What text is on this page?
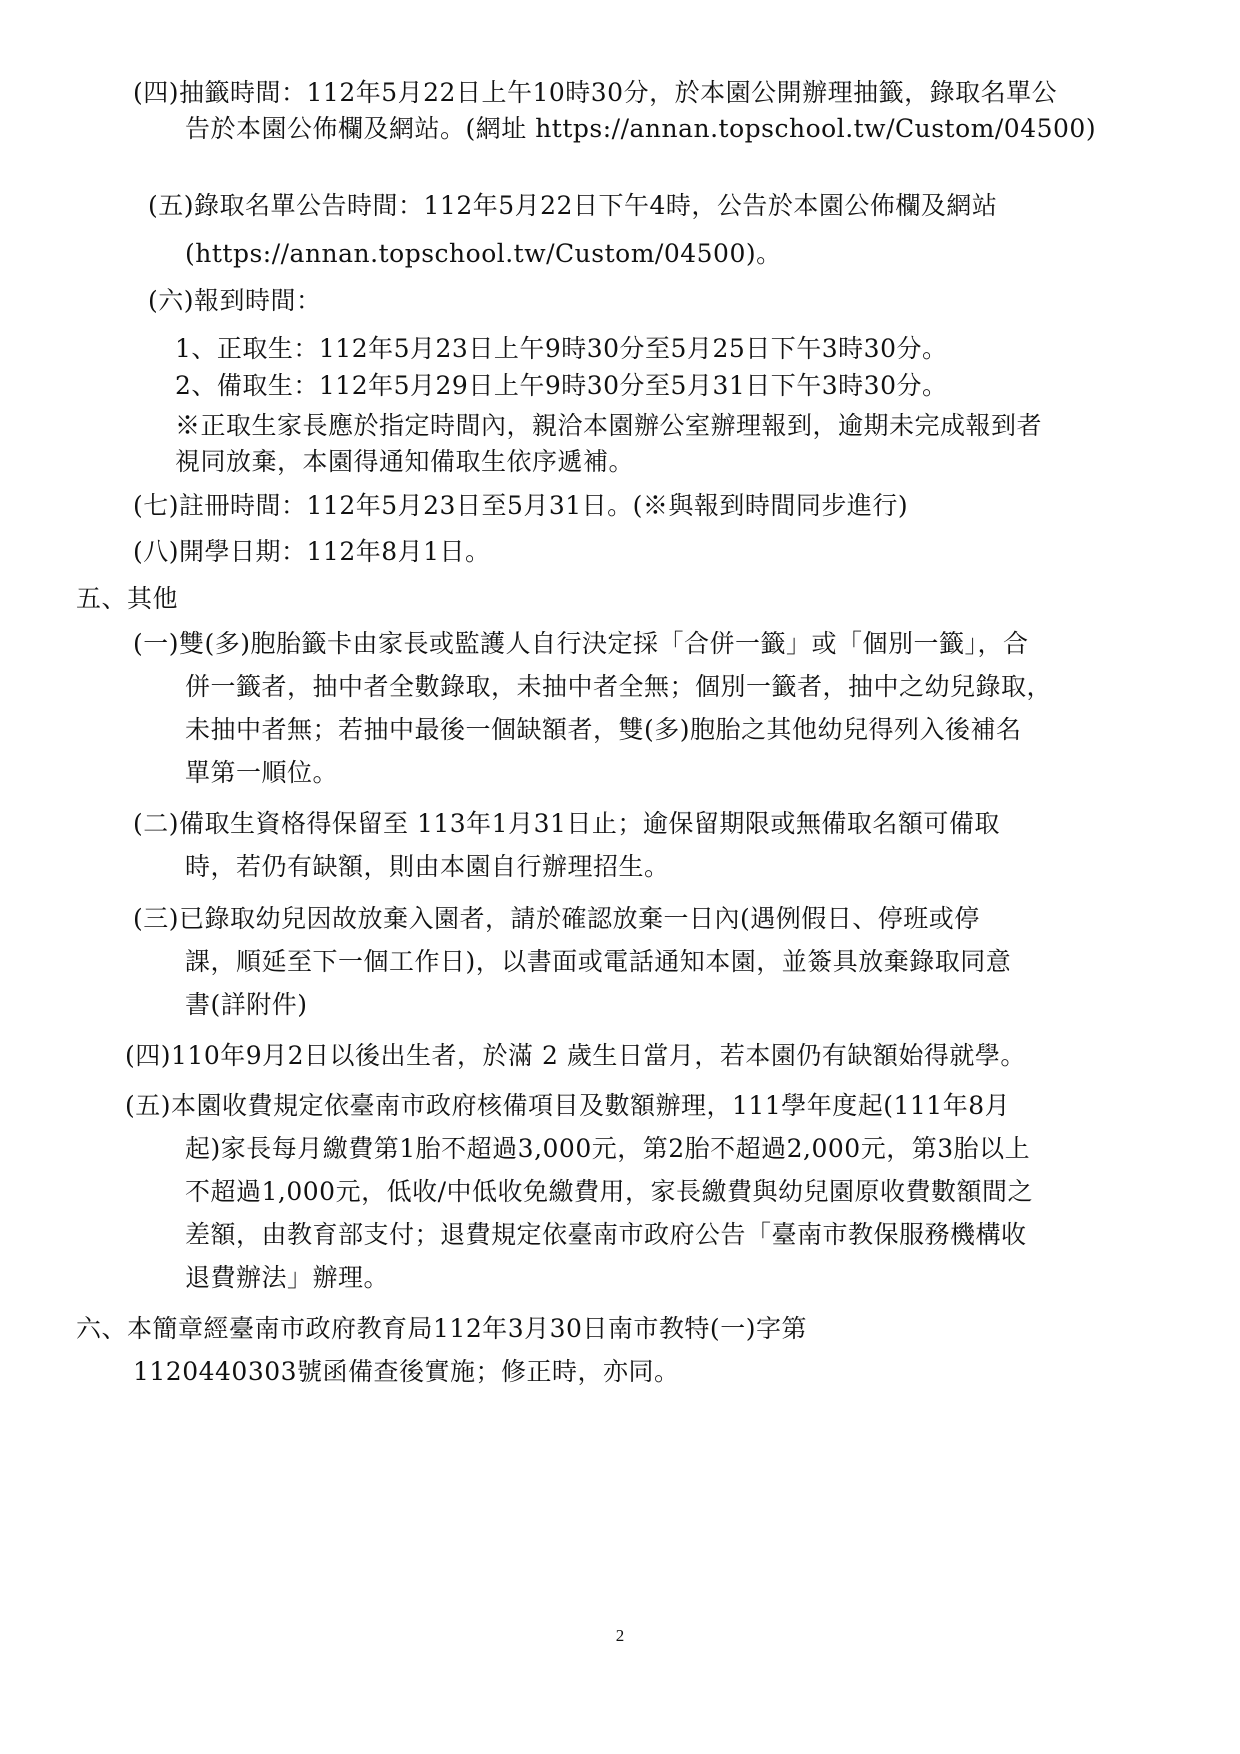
(四)抽籤時間：112年5月22日上午10時30分，於本園公開辦理抽籤，錄取名單公
告於本園公佈欄及網站。(網址 https://annan.topschool.tw/Custom/04500)
(五)錄取名單公告時間：112年5月22日下午4時，公告於本園公佈欄及網站
(https://annan.topschool.tw/Custom/04500)。
(六)報到時間：
1、正取生：112年5月23日上午9時30分至5月25日下午3時30分。
2、備取生：112年5月29日上午9時30分至5月31日下午3時30分。
※正取生家長應於指定時間內，親洽本園辦公室辦理報到，逾期未完成報到者
視同放棄，本園得通知備取生依序遞補。
(七)註冊時間：112年5月23日至5月31日。(※與報到時間同步進行)
(八)開學日期：112年8月1日。
五、其他
(一)雙(多)胞胎籤卡由家長或監護人自行決定採「合併一籤」或「個別一籤」，合
併一籤者，抽中者全數錄取，未抽中者全無；個別一籤者，抽中之幼兒錄取，
未抽中者無；若抽中最後一個缺額者，雙(多)胞胎之其他幼兒得列入後補名
單第一順位。
(二)備取生資格得保留至 113年1月31日止；逾保留期限或無備取名額可備取
時，若仍有缺額，則由本園自行辦理招生。
(三)已錄取幼兒因故放棄入園者，請於確認放棄一日內(遇例假日、停班或停
課，順延至下一個工作日)，以書面或電話通知本園，並簽具放棄錄取同意
書(詳附件)
(四)110年9月2日以後出生者，於滿 2 歲生日當月，若本園仍有缺額始得就學。
(五)本園收費規定依臺南市政府核備項目及數額辦理，111學年度起(111年8月
起)家長每月繳費第1胎不超過3,000元，第2胎不超過2,000元，第3胎以上
不超過1,000元，低收/中低收免繳費用，家長繳費與幼兒園原收費數額間之
差額，由教育部支付；退費規定依臺南市政府公告「臺南市教保服務機構收
退費辦法」辦理。
六、本簡章經臺南市政府教育局112年3月30日南市教特(一)字第
1120440303號函備查後實施；修正時，亦同。
2
